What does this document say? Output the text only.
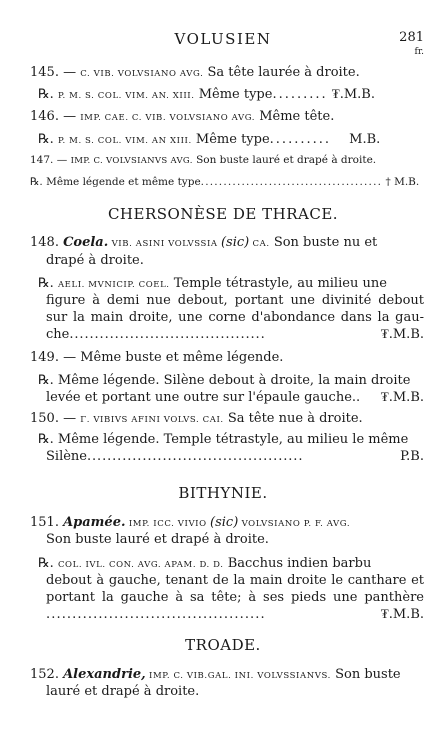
VOLUSIEN	281
fr.
145. — C. VIB. VOLVSIANO AVG. Sa tête laurée à droite.
℞. P. M. S. COL. VIM. AN. XIII. Même type......... ₮.M.B.
146. — IMP. CAE. C. VIB. VOLVSIANO AVG. Même tête.
℞. P. M. S. COL. VIM. AN XIII. Même type.......... M.B.
147. — IMP. C. VOLVSIANVS AVG. Son buste lauré et drapé à droite.
℞. Même légende et même type........................................ † M.B.
CHERSONÈSE DE THRACE.
148. Coela. VIB. ASINI VOLVSSIA (sic) CA. Son buste nu et
drapé à droite.
℞. AELI. MVNICIP. COEL. Temple tétrastyle, au milieu une
figure à demi nue debout, portant une divinité debout
sur la main droite, une corne d'abondance dans la gau-
che.......................................	₮.M.B.
149. — Même buste et même légende.
℞. Même légende. Silène debout à droite, la main droite
levée et portant une outre sur l'épaule gauche.. ₮.M.B.
150. — Γ. VIBIVS AFINI VOLVS. CAI. Sa tête nue à droite.
℞. Même légende. Temple tétrastyle, au milieu le même
Silène...........................................	P.B.
BITHYNIE.
151. Apamée. IMP. ICC. VIVIO (sic) VOLVSIANO P. F. AVG.
Son buste lauré et drapé à droite.
℞. COL. IVL. CON. AVG. APAM. D. D. Bacchus indien barbu
debout à gauche, tenant de la main droite le canthare et
portant la gauche à sa tête; à ses pieds une panthère
..........................................	₮.M.B.
TROADE.
152. Alexandrie, IMP. C. VIB.GAL. INI. VOLVSSIANVS. Son buste
lauré et drapé à droite.
